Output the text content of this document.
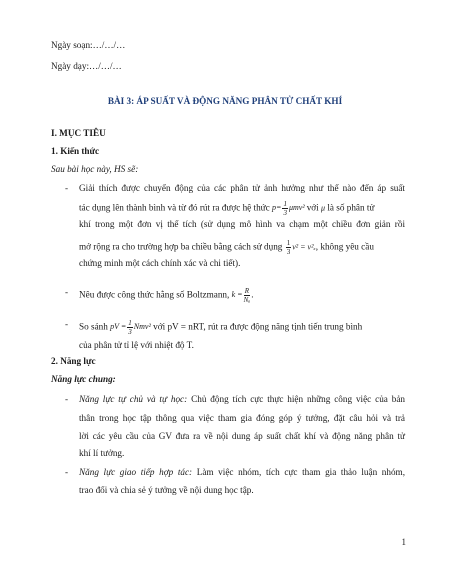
Ngày soạn:…/…/…
Ngày dạy:…/…/…
BÀI 3: ÁP SUẤT VÀ ĐỘNG NĂNG PHÂN TỬ CHẤT KHÍ
I. MỤC TIÊU
1. Kiến thức
Sau bài học này, HS sẽ:
- Giải thích được chuyển động của các phân tử ảnh hưởng như thế nào đến áp suất
tác dụng lên thành bình và từ đó rút ra được hệ thức $p= \frac{1}{3} \mu mv^2$ với μ là số phân tử
khí trong một đơn vị thể tích (sử dụng mô hình va chạm một chiều đơn giản rồi
mở rộng ra cho trường hợp ba chiều bằng cách sử dụng $\frac{1}{3} v^2 = v^2_x$, không yêu cầu
chứng minh một cách chính xác và chi tiết).
- Nêu được công thức hằng số Boltzmann, $k = \frac{R}{\text{Nₐ}}$ .
- So sánh pV = $\frac{1}{3} Nmv^2$ với pV = nRT, rút ra được động năng tịnh tiến trung bình
của phân tử tỉ lệ với nhiệt độ T.
2. Năng lực
Năng lực chung:
- Năng lực tự chủ và tự học: Chủ động tích cực thực hiện những công việc của bản
thân trong học tập thông qua việc tham gia đóng góp ý tưởng, đặt câu hỏi và trả
lời các yêu cầu của GV đưa ra về nội dung áp suất chất khí và động năng phân tử
khí lí tưởng.
- Năng lực giao tiếp hợp tác: Làm việc nhóm, tích cực tham gia thảo luận nhóm,
trao đổi và chia sẻ ý tưởng về nội dung học tập.
1
